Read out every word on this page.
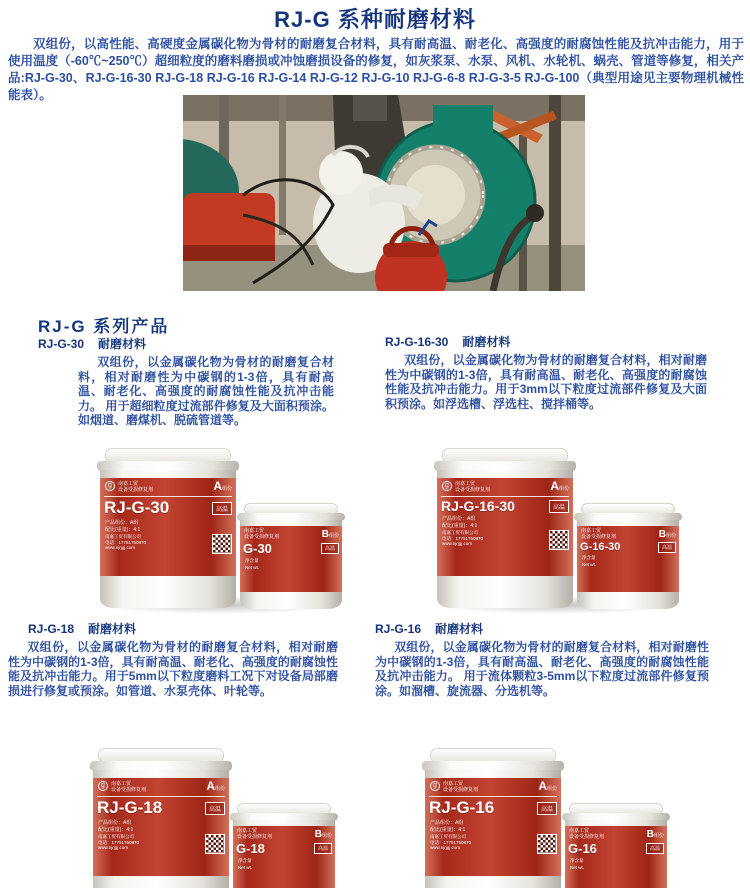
RJ-G 系种耐磨材料
双组份，以高性能、高硬度金属碳化物为骨材的耐磨复合材料，具有耐高温、耐老化、高强度的耐腐蚀性能及抗冲击能力，用于使用温度（-60℃~250℃）超细粒度的磨料磨损或冲蚀磨损设备的修复，如灰浆泵、水泵、风机、水轮机、蜗壳、管道等修复，相关产品:RJ-G-30、RJ-G-16-30 RJ-G-18 RJ-G-16 RJ-G-14 RJ-G-12 RJ-G-10 RJ-G-6-8 RJ-G-3-5 RJ-G-100（典型用途见主要物理机械性能表）。
RJ-G 系列产品
RJ-G-30 耐磨材料

双组份，以金属碳化物为骨材的耐磨复合材料，相对耐磨性为中碳钢的1-3倍，具有耐高温、耐老化、高强度的耐腐蚀性能及抗冲击能力。 用于超细粒度过流部件修复及大面积预涂。如烟道、磨煤机、脱硫管道等。

g	南嘉工贸
设备受损修复剂	A组份
RJ-G-30	高温
产品组份：A组
配比(重量)：4:1
南嘉工贸有限公司
电话：17751750870
www.njrjgj.com
南嘉工贸
设备受损修复剂	B组份
G-30	高温
净含量
Net wt.
RJ-G-16-30 耐磨材料

双组份，以金属碳化物为骨材的耐磨复合材料，相对耐磨性为中碳钢的1-3倍，具有耐高温、耐老化、高强度的耐腐蚀性能及抗冲击能力。用于3mm以下粒度过流部件修复及大面积预涂。如浮选槽、浮选柱、搅拌桶等。

g	南嘉工贸
设备受损修复剂	A组份
RJ-G-16-30	高温
产品组份：A组
配比(重量)：4:1
南嘉工贸有限公司
电话：17751750870
www.njrjgj.com
南嘉工贸
设备受损修复剂	B组份
G-16-30	高温
净含量
Net wt.
RJ-G-18 耐磨材料

双组份，以金属碳化物为骨材的耐磨复合材料，相对耐磨性为中碳钢的1-3倍，具有耐高温、耐老化、高强度的耐腐蚀性能及抗冲击能力。用于5mm以下粒度磨料工况下对设备局部磨损进行修复或预涂。如管道、水泵壳体、叶轮等。

g	南嘉工贸
设备受损修复剂	A组份
RJ-G-18	高温
产品组份：A组
配比(重量)：4:1
南嘉工贸有限公司
电话：17751750870
www.njrjgj.com
南嘉工贸
设备受损修复剂	B组份
G-18	高温
净含量
Net wt.
RJ-G-16 耐磨材料

双组份，以金属碳化物为骨材的耐磨复合材料，相对耐磨性为中碳钢的1-3倍，具有耐高温、耐老化、高强度的耐腐蚀性能及抗冲击能力。 用于流体颗粒3-5mm以下粒度过流部件修复预涂。如溜槽、旋流器、分选机等。

g	南嘉工贸
设备受损修复剂	A组份
RJ-G-16	高温
产品组份：A组
配比(重量)：4:1
南嘉工贸有限公司
电话：17751750870
www.njrjgj.com
南嘉工贸
设备受损修复剂	B组份
G-16	高温
净含量
Net wt.
